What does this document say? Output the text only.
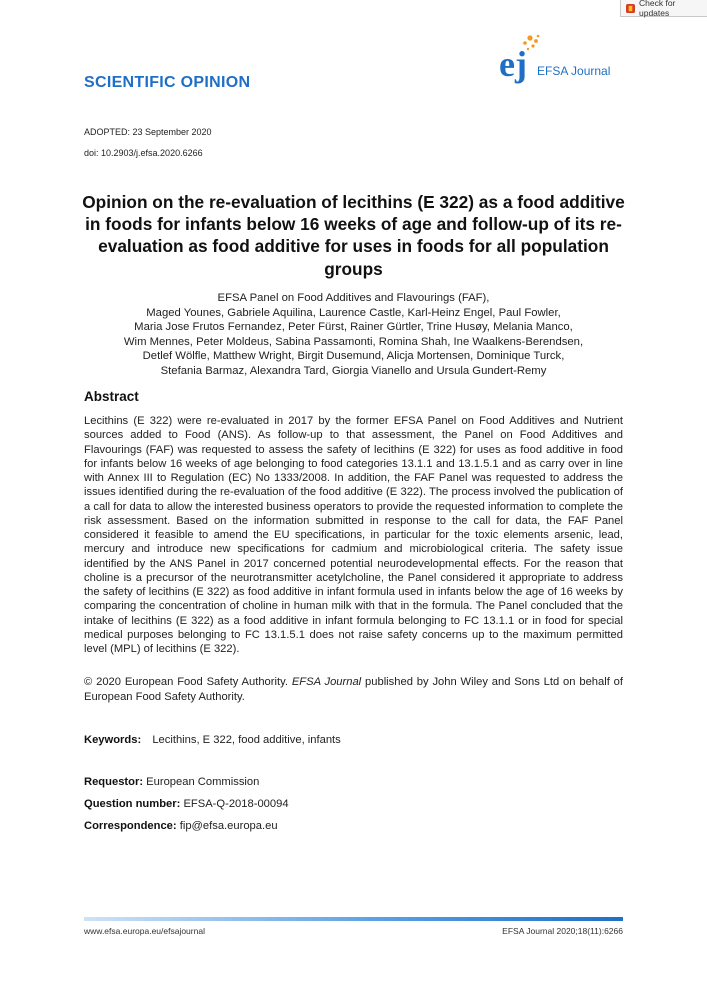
Check for updates
SCIENTIFIC OPINION	ej EFSA Journal
ADOPTED: 23 September 2020
doi: 10.2903/j.efsa.2020.6266
Opinion on the re-evaluation of lecithins (E 322) as a food additive in foods for infants below 16 weeks of age and follow-up of its re-evaluation as food additive for uses in foods for all population groups
EFSA Panel on Food Additives and Flavourings (FAF),
Maged Younes, Gabriele Aquilina, Laurence Castle, Karl-Heinz Engel, Paul Fowler,
Maria Jose Frutos Fernandez, Peter Fürst, Rainer Gürtler, Trine Husøy, Melania Manco,
Wim Mennes, Peter Moldeus, Sabina Passamonti, Romina Shah, Ine Waalkens-Berendsen,
Detlef Wölfle, Matthew Wright, Birgit Dusemund, Alicja Mortensen, Dominique Turck,
Stefania Barmaz, Alexandra Tard, Giorgia Vianello and Ursula Gundert-Remy
Abstract

Lecithins (E 322) were re-evaluated in 2017 by the former EFSA Panel on Food Additives and Nutrient sources added to Food (ANS). As follow-up to that assessment, the Panel on Food Additives and Flavourings (FAF) was requested to assess the safety of lecithins (E 322) for uses as food additive in food for infants below 16 weeks of age belonging to food categories 13.1.1 and 13.1.5.1 and as carry over in line with Annex III to Regulation (EC) No 1333/2008. In addition, the FAF Panel was requested to address the issues identified during the re-evaluation of the food additive (E 322). The process involved the publication of a call for data to allow the interested business operators to provide the requested information to complete the risk assessment. Based on the information submitted in response to the call for data, the FAF Panel considered it feasible to amend the EU specifications, in particular for the toxic elements arsenic, lead, mercury and introduce new specifications for cadmium and microbiological criteria. The safety issue identified by the ANS Panel in 2017 concerned potential neurodevelopmental effects. For the reason that choline is a precursor of the neurotransmitter acetylcholine, the Panel considered it appropriate to address the safety of lecithins (E 322) as food additive in infant formula used in infants below the age of 16 weeks by comparing the concentration of choline in human milk with that in the formula. The Panel concluded that the intake of lecithins (E 322) as a food additive in infant formula belonging to FC 13.1.1 or in food for special medical purposes belonging to FC 13.1.5.1 does not raise safety concerns up to the maximum permitted level (MPL) of lecithins (E 322).

© 2020 European Food Safety Authority. EFSA Journal published by John Wiley and Sons Ltd on behalf of European Food Safety Authority.

Keywords: Lecithins, E 322, food additive, infants
Requestor: European Commission
Question number: EFSA-Q-2018-00094
Correspondence: fip@efsa.europa.eu
www.efsa.europa.eu/efsajournal	EFSA Journal 2020;18(11):6266
